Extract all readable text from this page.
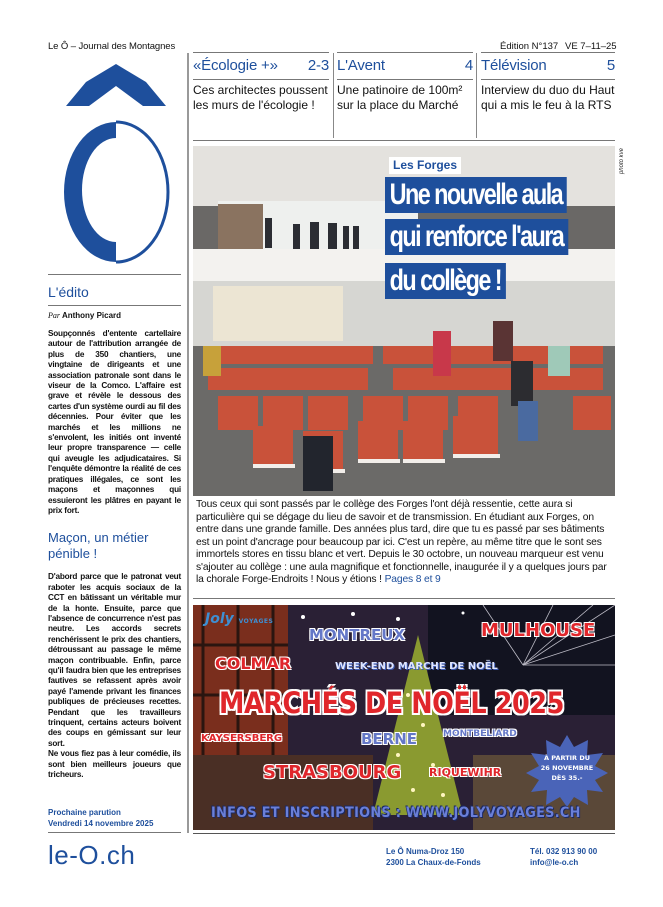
Le Ô – Journal des Montagnes	Édition N°137 VE 7–11–25
«Écologie +» 2-3
Ces architectes poussent les murs de l'écologie !
L'Avent	4
Une patinoire de 100m² sur la place du Marché
Télévision	5
Interview du duo du Haut qui a mis le feu à la RTS
L'édito
Par Anthony Picard
Soupçonnés d'entente cartellaire autour de l'attribution arrangée de plus de 350 chantiers, une vingtaine de dirigeants et une association patronale sont dans le viseur de la Comco. L'affaire est grave et révèle le dessous des cartes d'un système ourdi au fil des décennies. Pour éviter que les marchés et les millions ne s'envolent, les initiés ont inventé leur propre transparence — celle qui aveugle les adjudicataires. Si l'enquête démontre la réalité de ces pratiques illégales, ce sont les maçons et maçonnes qui essuieront les plâtres en payant le prix fort.
Maçon, un métier pénible !
D'abord parce que le patronat veut raboter les acquis sociaux de la CCT en bâtissant un véritable mur de la honte. Ensuite, parce que l'absence de concurrence n'est pas neutre. Les accords secrets renchérissent le prix des chantiers, détroussant au passage le même maçon contribuable. Enfin, parce qu'il faudra bien que les entreprises fautives se refassent après avoir payé l'amende privant les finances publiques de précieuses recettes. Pendant que les travailleurs trinquent, certains acteurs boivent des coups en gémissant sur leur sort.
Ne vous fiez pas à leur comédie, ils sont bien meilleurs joueurs que tricheurs.
Prochaine parution
Vendredi 14 novembre 2025
le-O.ch
photo kve
Les Forges
Une nouvelle aula
qui renforce l'aura
du collège !
Tous ceux qui sont passés par le collège des Forges l'ont déjà ressentie, cette aura si particulière qui se dégage du lieu de savoir et de transmission. En étudiant aux Forges, on entre dans une grande famille. Des années plus tard, dire que tu es passé par ses bâtiments est un point d'ancrage pour beaucoup par ici. C'est un repère, au même titre que le sont ses immortels stores en tissu blanc et vert. Depuis le 30 octobre, un nouveau marqueur est venu s'ajouter au collège : une aula magnifique et fonctionnelle, inaugurée il y a quelques jours par la chorale Forge-Endroits ! Nous y étions ! Pages 8 et 9
Joly VOYAGES
MONTREUX	MULHOUSE
COLMAR	WEEK-END MARCHE DE NOËL
MARCHÉS DE NOËL 2025
KAYSERSBERG	BERNE	MONTBELIARD
STRASBOURG	RIQUEWIHR
À PARTIR DU
26 NOVEMBRE
DÈS 35.-
INFOS ET INSCRIPTIONS : WWW.JOLYVOYAGES.CH
Le Ô Numa-Droz 150
2300 La Chaux-de-Fonds
Tél. 032 913 90 00
info@le-o.ch
